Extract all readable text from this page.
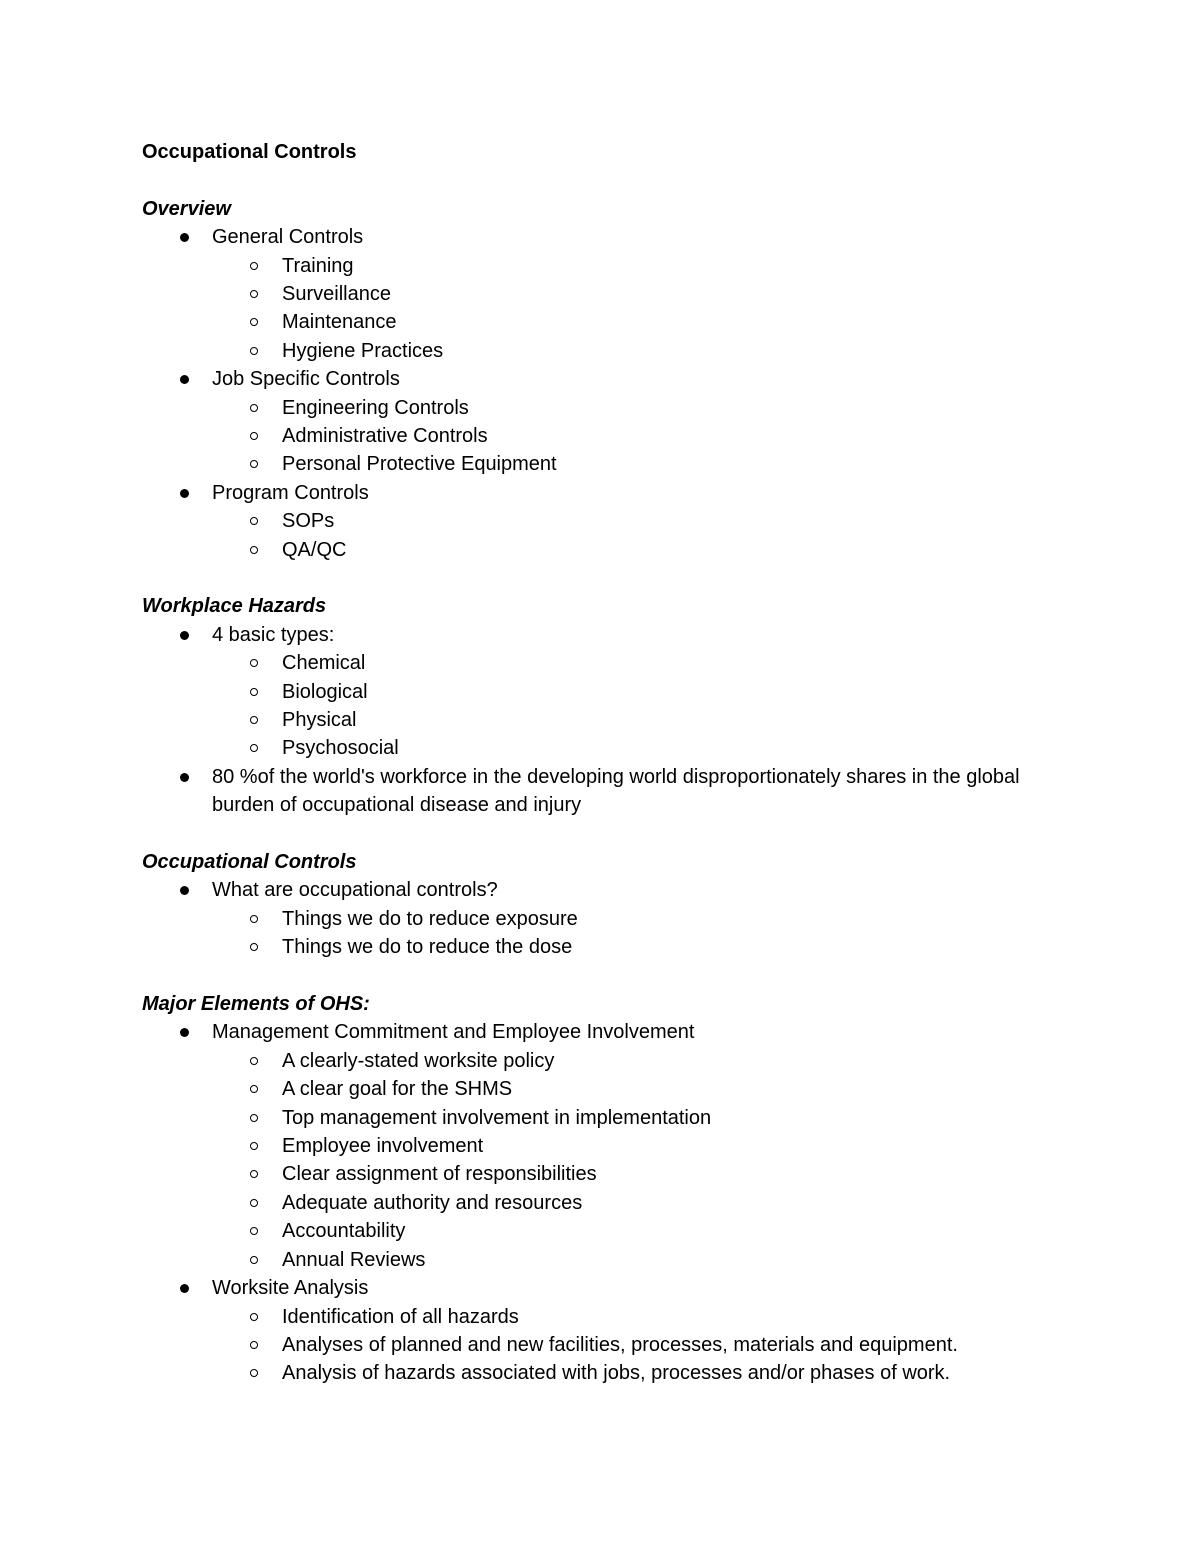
Occupational Controls
Overview
General Controls
Training
Surveillance
Maintenance
Hygiene Practices
Job Specific Controls
Engineering Controls
Administrative Controls
Personal Protective Equipment
Program Controls
SOPs
QA/QC
Workplace Hazards
4 basic types:
Chemical
Biological
Physical
Psychosocial
80 %of the world's workforce in the developing world disproportionately shares in the global burden of occupational disease and injury
Occupational Controls
What are occupational controls?
Things we do to reduce exposure
Things we do to reduce the dose
Major Elements of OHS:
Management Commitment and Employee Involvement
A clearly-stated worksite policy
A clear goal for the SHMS
Top management involvement in implementation
Employee involvement
Clear assignment of responsibilities
Adequate authority and resources
Accountability
Annual Reviews
Worksite Analysis
Identification of all hazards
Analyses of planned and new facilities, processes, materials and equipment.
Analysis of hazards associated with jobs, processes and/or phases of work.
